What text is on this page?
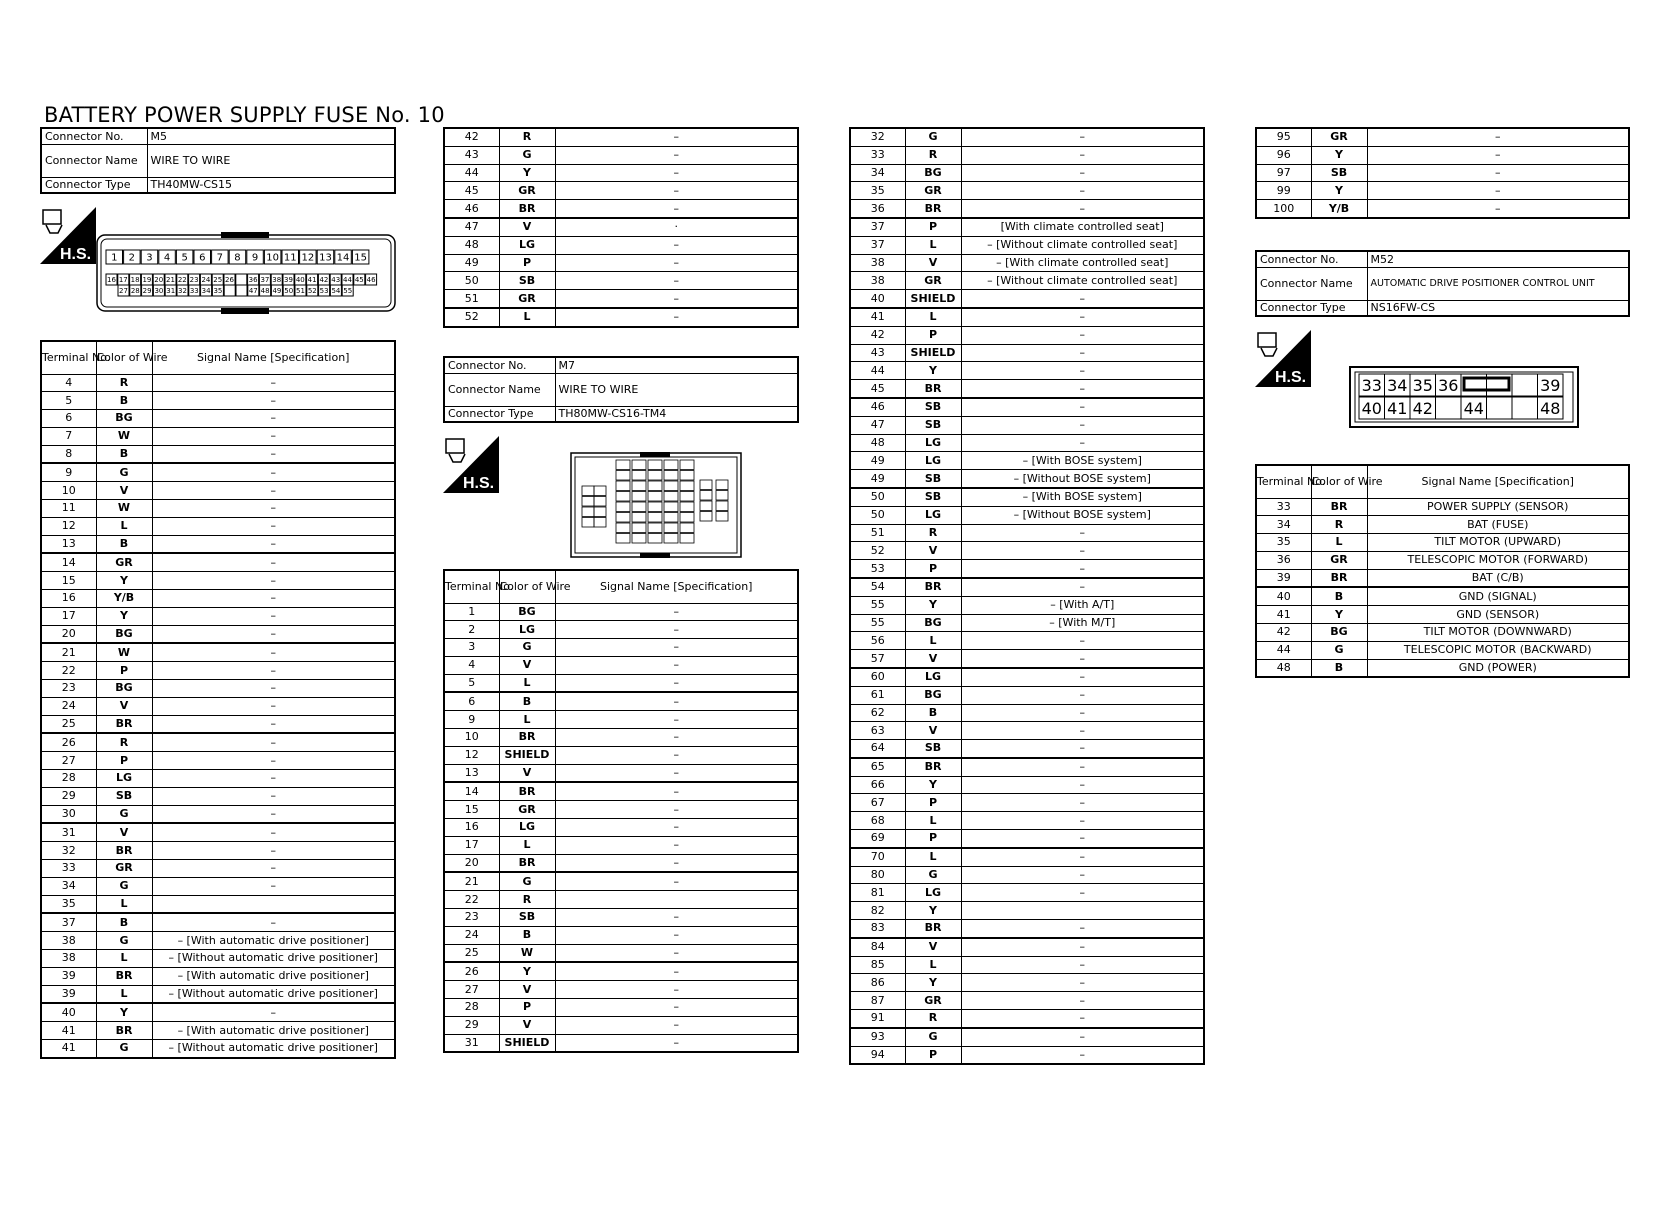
BATTERY POWER SUPPLY FUSE No. 10
Connector No.	M5
Connector Name	WIRE TO WIRE
Connector Type	TH40MW-CS15
H.S. 1 2 3 4 5 6 7 8 9 10 11 12 13 14 15
16 17 18 19 20 21 22 23 24 25 26 36 37 38 39 40 41 42 43 44 45 46
27 28 29 30 31 32 33 34 35	47 48 49 50 51 52 53 54 55
Terminal No.	Color of Wire	Signal Name [Specification]
4	R	–
5	B	–
6	BG	–
7	W	–
8	B	–
9	G	–
10	V	–
11	W	–
12	L	–
13	B	–
14	GR	–
15	Y	–
16	Y/B	–
17	Y	–
20	BG	–
21	W	–
22	P	–
23	BG	–
24	V	–
25	BR	–
26	R	–
27	P	–
28	LG	–
29	SB	–
30	G	–
31	V	–
32	BR	–
33	GR	–
34	G	–
35	L	
37	B	–
38	G	– [With automatic drive positioner]
38	L	– [Without automatic drive positioner]
39	BR	– [With automatic drive positioner]
39	L	– [Without automatic drive positioner]
40	Y	–
41	BR	– [With automatic drive positioner]
41	G	– [Without automatic drive positioner]
42	R	–
43	G	–
44	Y	–
45	GR	–
46	BR	–
47	V	·
48	LG	–
49	P	–
50	SB	–
51	GR	–
52	L	–
Connector No.	M7
Connector Name	WIRE TO WIRE
Connector Type	TH80MW-CS16-TM4
H.S.
Terminal No.	Color of Wire	Signal Name [Specification]
1	BG	–
2	LG	–
3	G	–
4	V	–
5	L	–
6	B	–
9	L	–
10	BR	–
12	SHIELD	–
13	V	–
14	BR	–
15	GR	–
16	LG	–
17	L	–
20	BR	–
21	G	–
22	R	
23	SB	–
24	B	–
25	W	–
26	Y	–
27	V	–
28	P	–
29	V	–
31	SHIELD	–
32	G	–
33	R	–
34	BG	–
35	GR	–
36	BR	–
37	P	[With climate controlled seat]
37	L	– [Without climate controlled seat]
38	V	– [With climate controlled seat]
38	GR	– [Without climate controlled seat]
40	SHIELD	–
41	L	–
42	P	–
43	SHIELD	–
44	Y	–
45	BR	–
46	SB	–
47	SB	–
48	LG	–
49	LG	– [With BOSE system]
49	SB	– [Without BOSE system]
50	SB	– [With BOSE system]
50	LG	– [Without BOSE system]
51	R	–
52	V	–
53	P	–
54	BR	–
55	Y	– [With A/T]
55	BG	– [With M/T]
56	L	–
57	V	–
60	LG	–
61	BG	–
62	B	–
63	V	–
64	SB	–
65	BR	–
66	Y	–
67	P	–
68	L	–
69	P	–
70	L	–
80	G	–
81	LG	–
82	Y	
83	BR	–
84	V	–
85	L	–
86	Y	–
87	GR	–
91	R	–
93	G	–
94	P	–
95	GR	–
96	Y	–
97	SB	–
99	Y	–
100	Y/B	–
Connector No.	M52
Connector Name	AUTOMATIC DRIVE POSITIONER CONTROL UNIT
Connector Type	NS16FW-CS
H.S.	33 34 35 36	39
40 41 42 44	48
Terminal No.	Color of Wire	Signal Name [Specification]
33	BR	POWER SUPPLY (SENSOR)
34	R	BAT (FUSE)
35	L	TILT MOTOR (UPWARD)
36	GR	TELESCOPIC MOTOR (FORWARD)
39	BR	BAT (C/B)
40	B	GND (SIGNAL)
41	Y	GND (SENSOR)
42	BG	TILT MOTOR (DOWNWARD)
44	G	TELESCOPIC MOTOR (BACKWARD)
48	B	GND (POWER)
